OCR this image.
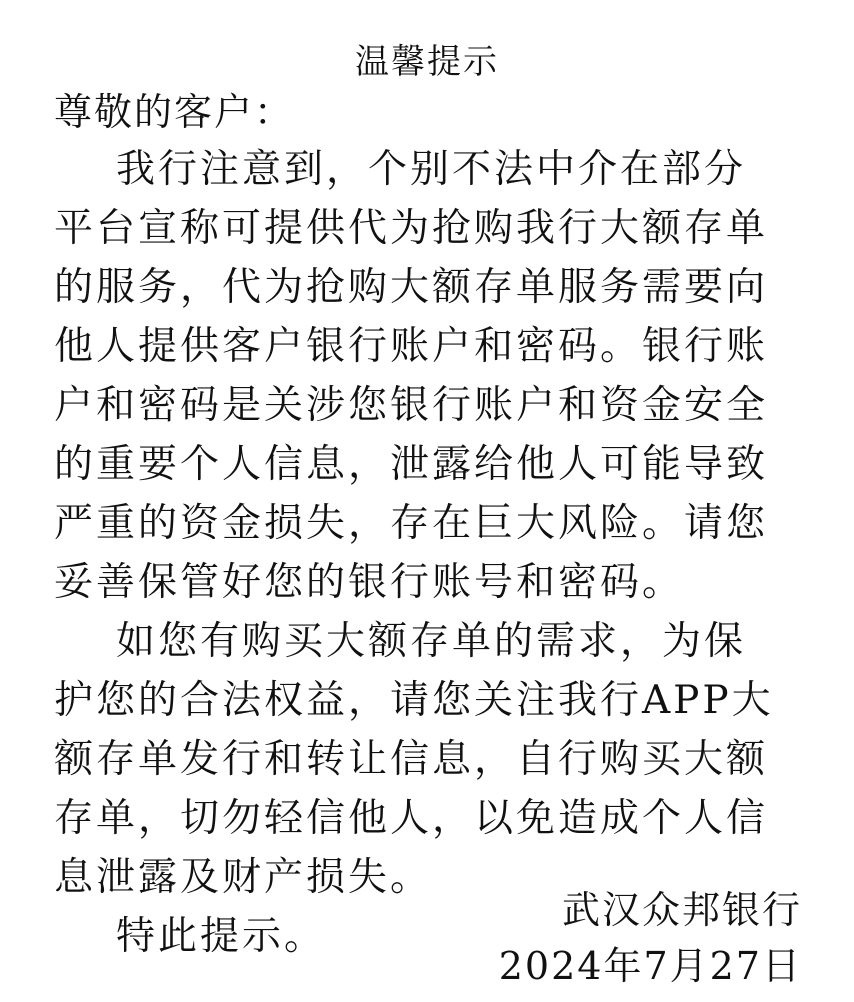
温馨提示
尊敬的客户：
我行注意到，个别不法中介在部分
平台宣称可提供代为抢购我行大额存单
的服务，代为抢购大额存单服务需要向
他人提供客户银行账户和密码。银行账
户和密码是关涉您银行账户和资金安全
的重要个人信息，泄露给他人可能导致
严重的资金损失，存在巨大风险。请您
妥善保管好您的银行账号和密码。
如您有购买大额存单的需求，为保
护您的合法权益，请您关注我行APP大
额存单发行和转让信息，自行购买大额
存单，切勿轻信他人，以免造成个人信
息泄露及财产损失。
特此提示。
武汉众邦银行
2024年7月27日
